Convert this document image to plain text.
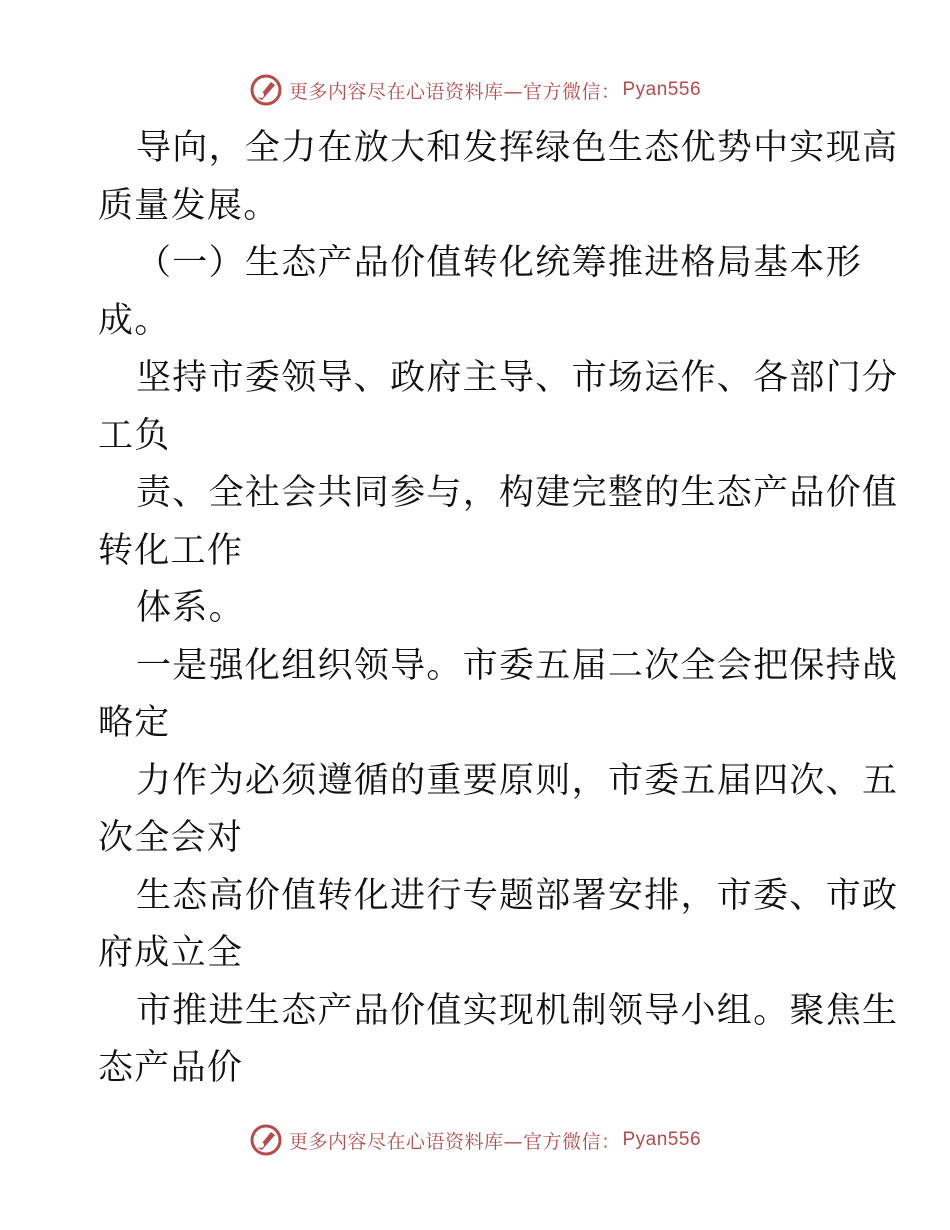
更多内容尽在心语资料库—官方微信： Pyan556
导向，全力在放大和发挥绿色生态优势中实现高
质量发展。
（一）生态产品价值转化统筹推进格局基本形
成。
坚持市委领导、政府主导、市场运作、各部门分
工负
责、全社会共同参与，构建完整的生态产品价值
转化工作
体系。
一是强化组织领导。市委五届二次全会把保持战
略定
力作为必须遵循的重要原则，市委五届四次、五
次全会对
生态高价值转化进行专题部署安排，市委、市政
府成立全
市推进生态产品价值实现机制领导小组。聚焦生
态产品价
更多内容尽在心语资料库—官方微信： Pyan556
